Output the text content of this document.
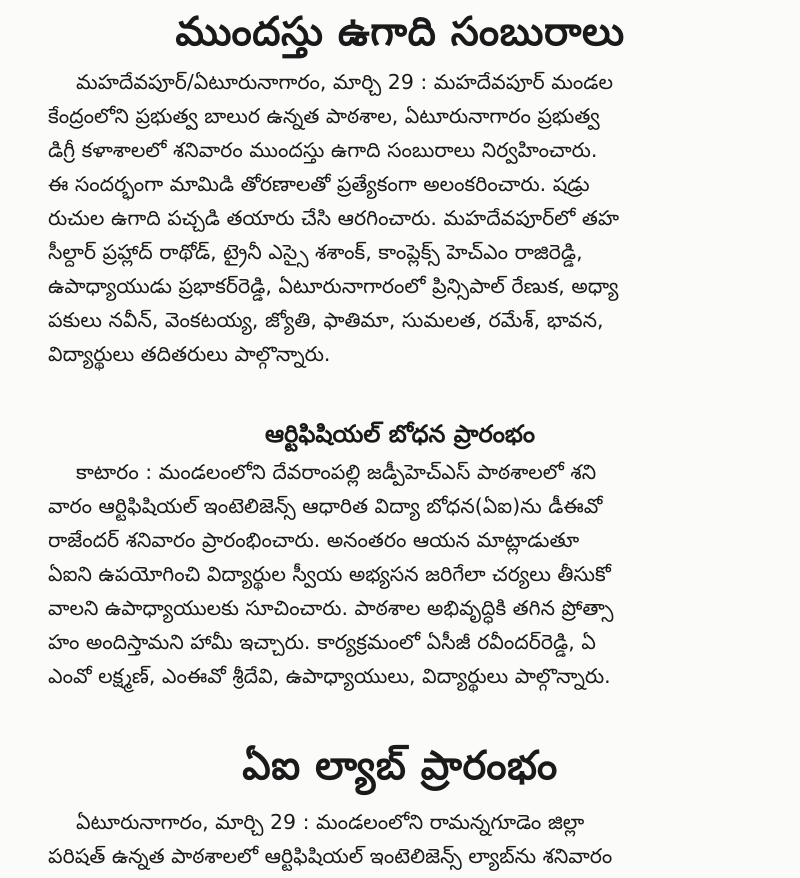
ముందస్తు ఉగాది సంబురాలు
మహదేవపూర్/ఏటూరునాగారం, మార్చి 29 : మహదేవపూర్ మండల
కేంద్రంలోని ప్రభుత్వ బాలుర ఉన్నత పాఠశాల, ఏటూరునాగారం ప్రభుత్వ
డిగ్రీ కళాశాలలో శనివారం ముందస్తు ఉగాది సంబురాలు నిర్వహించారు.
ఈ సందర్భంగా మామిడి తోరణాలతో ప్రత్యేకంగా అలంకరించారు. షడ్రు
రుచుల ఉగాది పచ్చడి తయారు చేసి ఆరగించారు. మహదేవపూర్‌లో తహ
సీల్దార్ ప్రహ్లాద్ రాథోడ్, ట్రైనీ ఎస్సై శశాంక్, కాంప్లెక్స్ హెచ్ఎం రాజిరెడ్డి,
ఉపాధ్యాయుడు ప్రభాకర్‌రెడ్డి, ఏటూరునాగారంలో ప్రిన్సిపాల్ రేణుక, అధ్యా
పకులు నవీన్, వెంకటయ్య, జ్యోతి, ఫాతిమా, సుమలత, రమేశ్, భావన,
విద్యార్థులు తదితరులు పాల్గొన్నారు.
ఆర్టిఫిషియల్ బోధన ప్రారంభం
కాటారం : మండలంలోని దేవరాంపల్లి జడ్పీహెచ్ఎస్ పాఠశాలలో శని
వారం ఆర్టిఫిషియల్ ఇంటెలిజెన్స్ ఆధారిత విద్యా బోధన(ఏఐ)ను డీఈవో
రాజేందర్ శనివారం ప్రారంభించారు. అనంతరం ఆయన మాట్లాడుతూ
ఏఐని ఉపయోగించి విద్యార్థుల స్వీయ అభ్యసన జరిగేలా చర్యలు తీసుకో
వాలని ఉపాధ్యాయులకు సూచించారు. పాఠశాల అభివృద్ధికి తగిన ప్రోత్సా
హం అందిస్తామని హామీ ఇచ్చారు. కార్యక్రమంలో ఏసీజీ రవీందర్‌రెడ్డి, ఏ
ఎంవో లక్ష్మణ్, ఎంఈవో శ్రీదేవి, ఉపాధ్యాయులు, విద్యార్థులు పాల్గొన్నారు.
ఏఐ ల్యాబ్ ప్రారంభం
ఏటూరునాగారం, మార్చి 29 : మండలంలోని రామన్నగూడెం జిల్లా
పరిషత్ ఉన్నత పాఠశాలలో ఆర్టిఫిషియల్ ఇంటెలిజెన్స్ ల్యాబ్‌ను శనివారం
